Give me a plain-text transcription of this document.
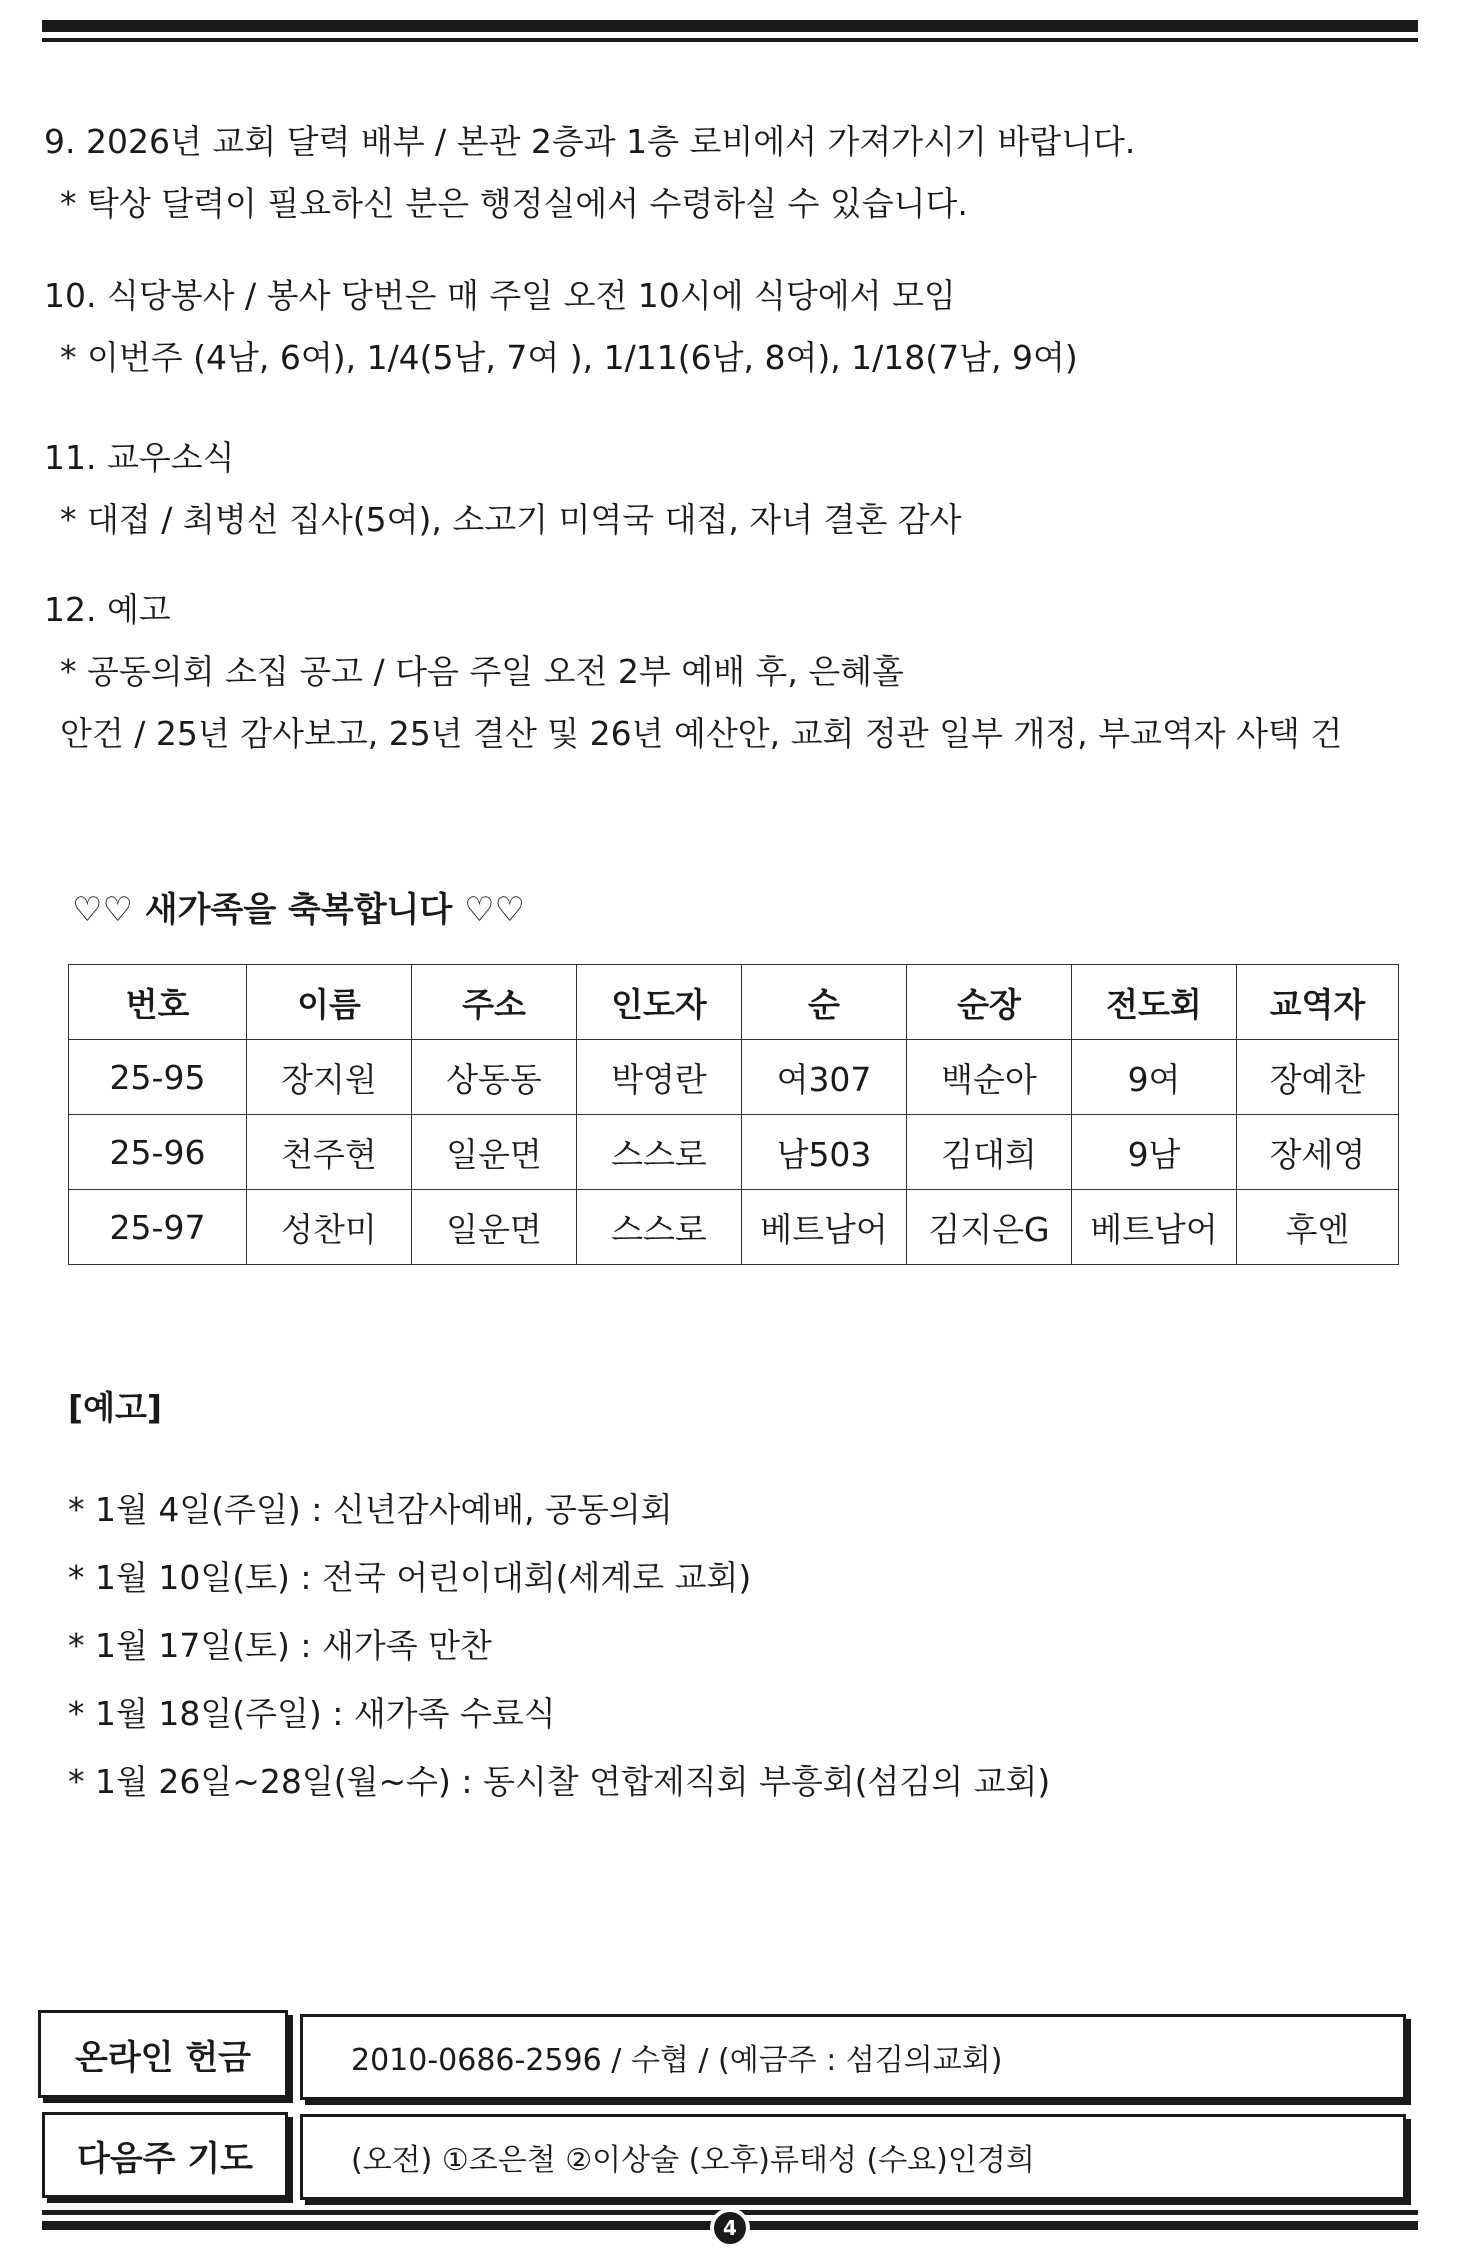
9. 2026년 교회 달력 배부 / 본관 2층과 1층 로비에서 가져가시기 바랍니다.
* 탁상 달력이 필요하신 분은 행정실에서 수령하실 수 있습니다.
10. 식당봉사 / 봉사 당번은 매 주일 오전 10시에 식당에서 모임
* 이번주 (4남, 6여), 1/4(5남, 7여 ), 1/11(6남, 8여), 1/18(7남, 9여)
11. 교우소식
* 대접 / 최병선 집사(5여), 소고기 미역국 대접, 자녀 결혼 감사
12. 예고
* 공동의회 소집 공고 / 다음 주일 오전 2부 예배 후, 은혜홀
안건 / 25년 감사보고, 25년 결산 및 26년 예산안, 교회 정관 일부 개정, 부교역자 사택 건
♡♡ 새가족을 축복합니다 ♡♡
번호	이름	주소	인도자	순	순장	전도회	교역자
25-95	장지원	상동동	박영란	여307	백순아	9여	장예찬
25-96	천주현	일운면	스스로	남503	김대희	9남	장세영
25-97	성찬미	일운면	스스로	베트남어	김지은G	베트남어	후엔
[예고]
* 1월 4일(주일) : 신년감사예배, 공동의회
* 1월 10일(토) : 전국 어린이대회(세계로 교회)
* 1월 17일(토) : 새가족 만찬
* 1월 18일(주일) : 새가족 수료식
* 1월 26일~28일(월~수) : 동시찰 연합제직회 부흥회(섬김의 교회)
온라인 헌금	2010-0686-2596 / 수협 / (예금주 : 섬김의교회)
다음주 기도	(오전) ①조은철 ②이상술 (오후)류태성 (수요)인경희
4
